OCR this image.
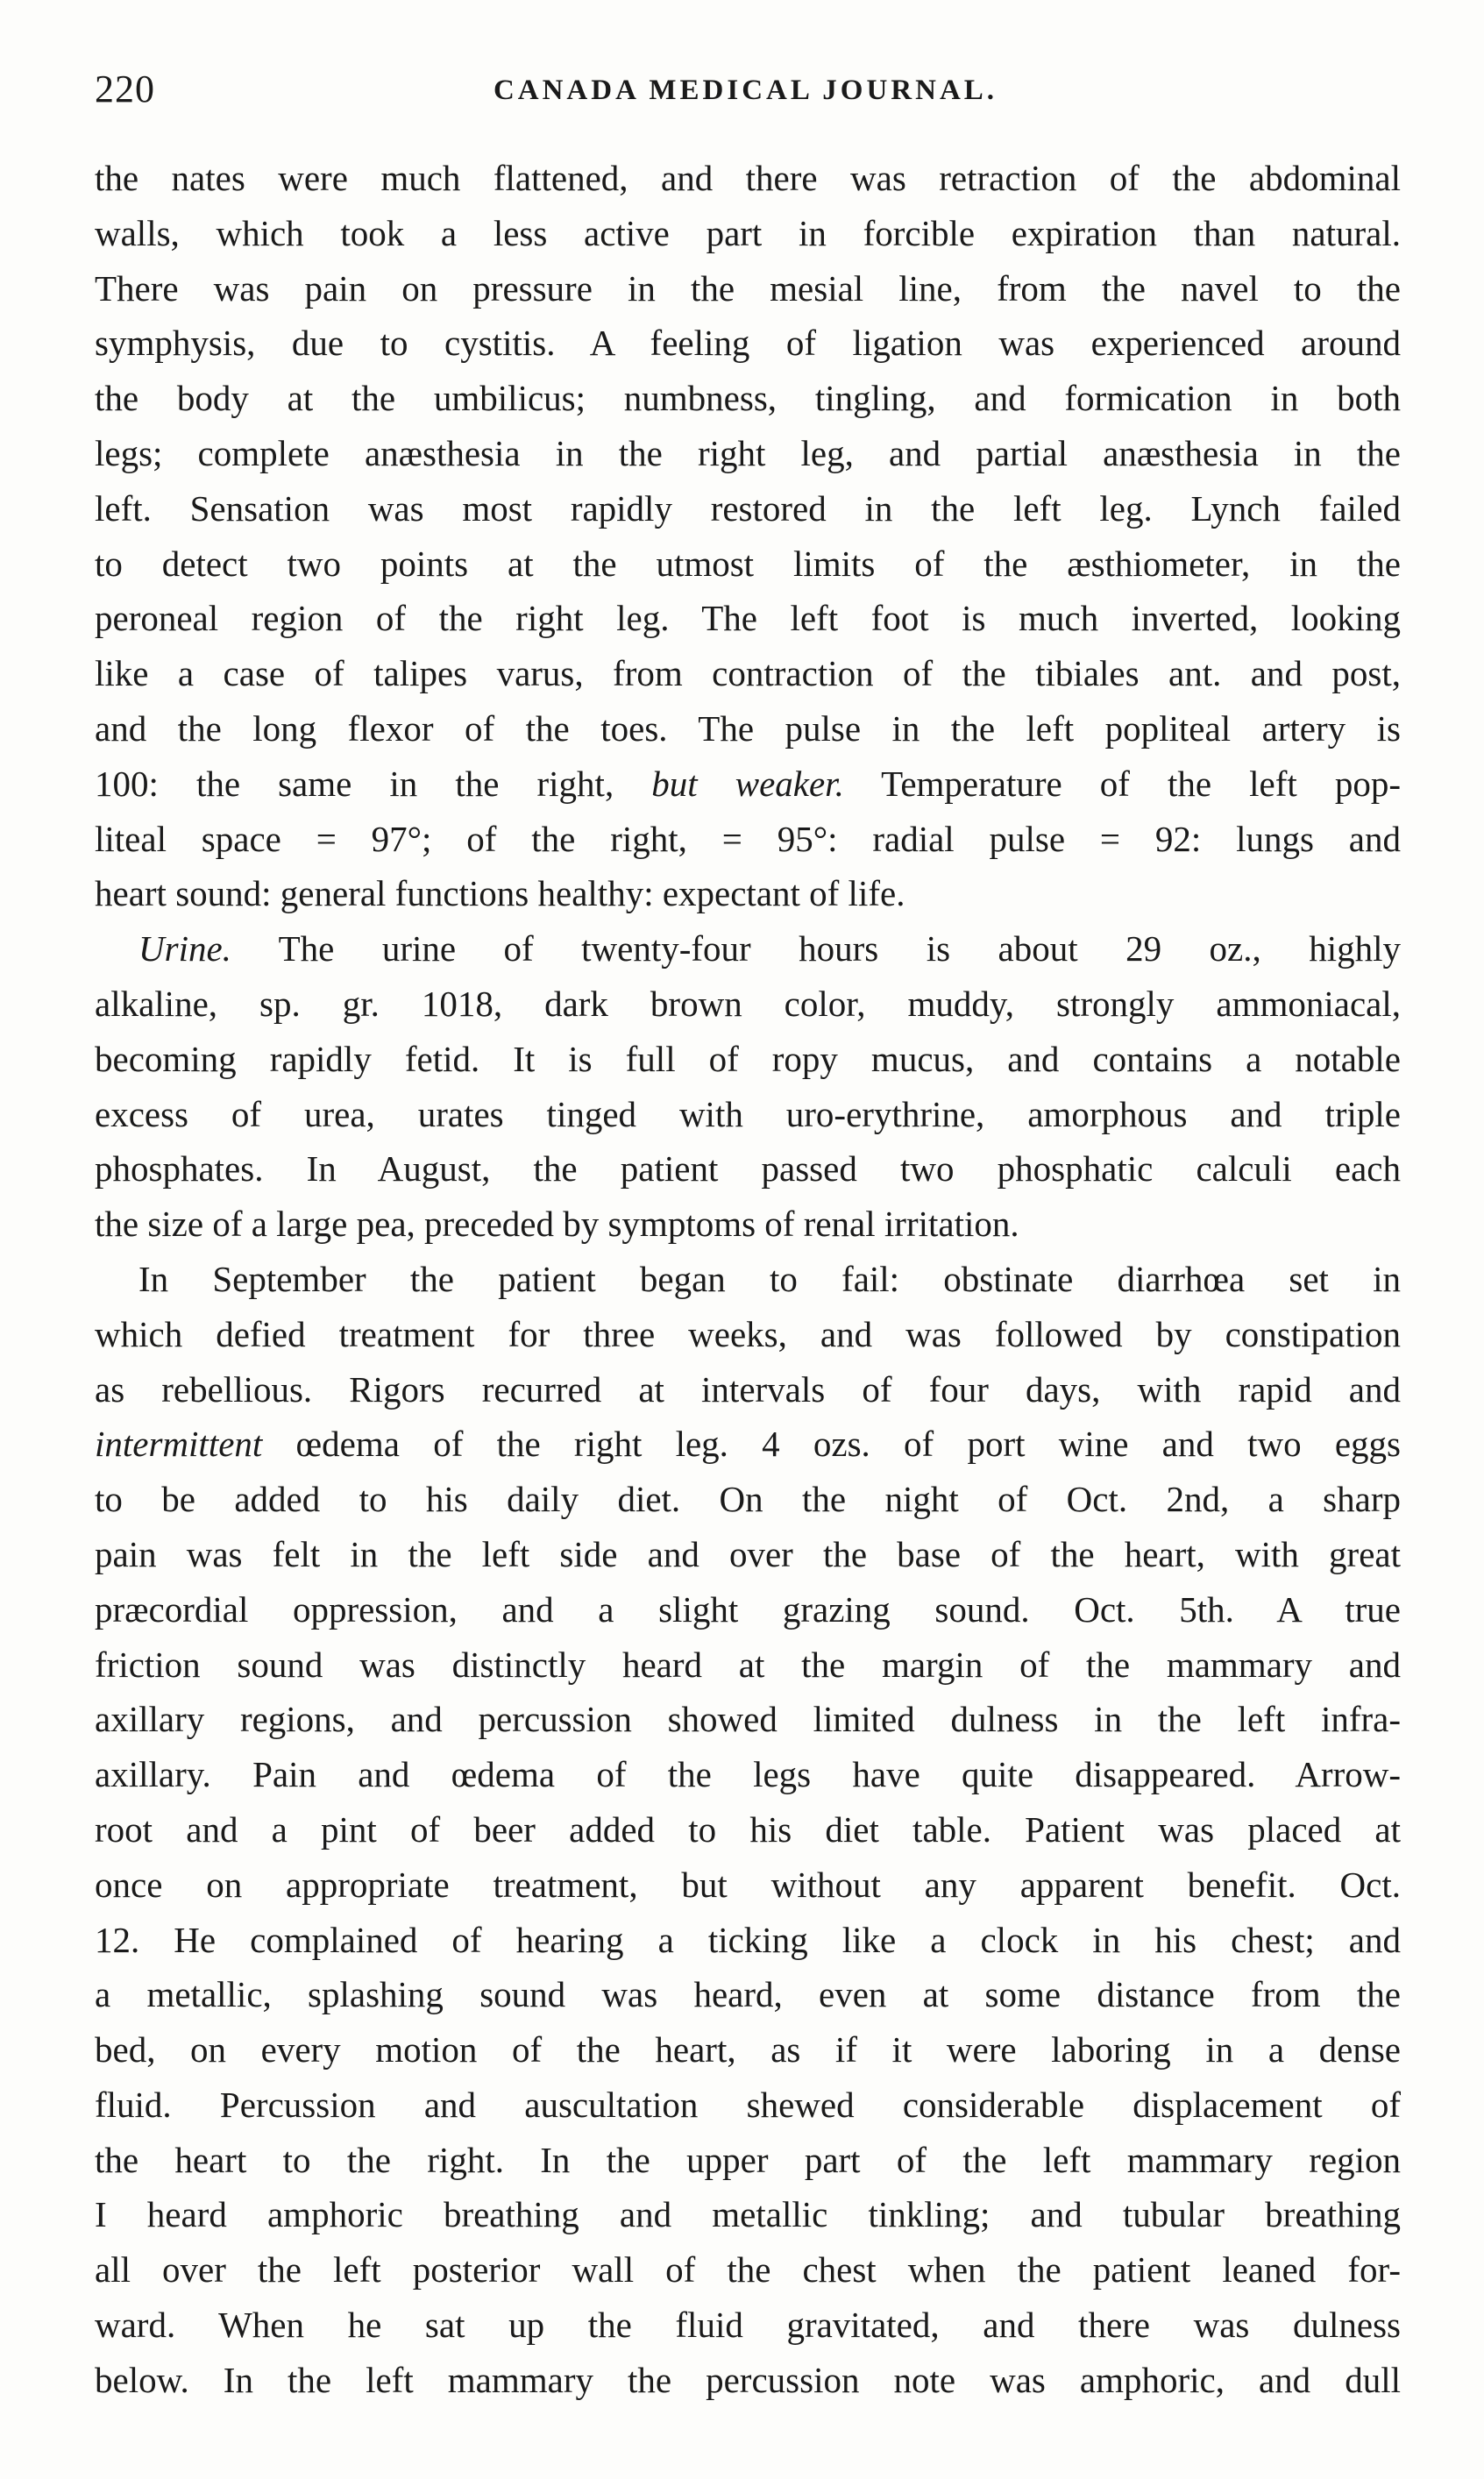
220	CANADA MEDICAL JOURNAL.
the nates were much flattened, and there was retraction of the abdominal
walls, which took a less active part in forcible expiration than natural.
There was pain on pressure in the mesial line, from the navel to the
symphysis, due to cystitis. A feeling of ligation was experienced around
the body at the umbilicus; numbness, tingling, and formication in both
legs; complete anæsthesia in the right leg, and partial anæsthesia in the
left. Sensation was most rapidly restored in the left leg. Lynch failed
to detect two points at the utmost limits of the æsthiometer, in the
peroneal region of the right leg. The left foot is much inverted, looking
like a case of talipes varus, from contraction of the tibiales ant. and post,
and the long flexor of the toes. The pulse in the left popliteal artery is
100: the same in the right, but weaker. Temperature of the left pop-
liteal space = 97°; of the right, = 95°: radial pulse = 92: lungs and
heart sound: general functions healthy: expectant of life.
Urine. The urine of twenty-four hours is about 29 oz., highly
alkaline, sp. gr. 1018, dark brown color, muddy, strongly ammoniacal,
becoming rapidly fetid. It is full of ropy mucus, and contains a notable
excess of urea, urates tinged with uro-erythrine, amorphous and triple
phosphates. In August, the patient passed two phosphatic calculi each
the size of a large pea, preceded by symptoms of renal irritation.
In September the patient began to fail: obstinate diarrhœa set in
which defied treatment for three weeks, and was followed by constipation
as rebellious. Rigors recurred at intervals of four days, with rapid and
intermittent œdema of the right leg. 4 ozs. of port wine and two eggs
to be added to his daily diet. On the night of Oct. 2nd, a sharp
pain was felt in the left side and over the base of the heart, with great
præcordial oppression, and a slight grazing sound. Oct. 5th. A true
friction sound was distinctly heard at the margin of the mammary and
axillary regions, and percussion showed limited dulness in the left infra-
axillary. Pain and œdema of the legs have quite disappeared. Arrow-
root and a pint of beer added to his diet table. Patient was placed at
once on appropriate treatment, but without any apparent benefit. Oct.
12. He complained of hearing a ticking like a clock in his chest; and
a metallic, splashing sound was heard, even at some distance from the
bed, on every motion of the heart, as if it were laboring in a dense
fluid. Percussion and auscultation shewed considerable displacement of
the heart to the right. In the upper part of the left mammary region
I heard amphoric breathing and metallic tinkling; and tubular breathing
all over the left posterior wall of the chest when the patient leaned for-
ward. When he sat up the fluid gravitated, and there was dulness
below. In the left mammary the percussion note was amphoric, and dull
